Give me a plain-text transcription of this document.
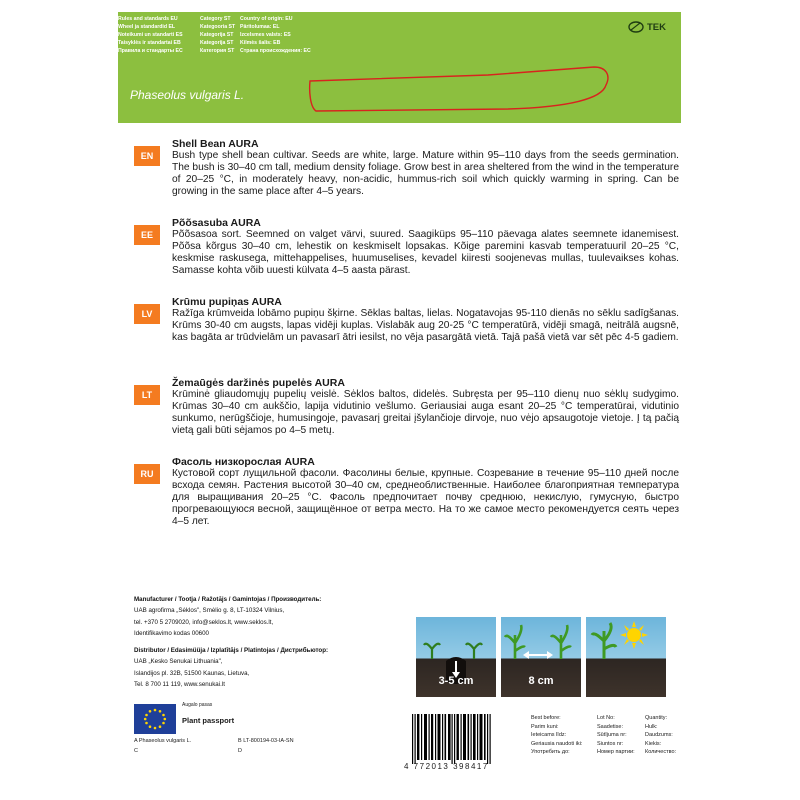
Rules and standards EU	Category ST Country of origin: EU
Wheel ja standardid EL	Kategooria ST Päritolumaa: EL
Noteikumi un standarti ES	Kategorija ST Izcelsmes valsts: ES
Taisyklės ir standartai EB	Kategorija ST Kilmės šalis: EB
Правила и стандарты ЕС	Категория ST Страна происхождения: ЕС
Phaseolus vulgaris L.
TEK
EN
Shell Bean AURA
Bush type shell bean cultivar. Seeds are white, large. Mature within 95–110 days from the seeds germination. The bush is 30–40 cm tall, medium density foliage. Grow best in area sheltered from the wind in the temperature of 20–25 °C, in moderately heavy, non-acidic, hummus-rich soil which quickly warming in spring. Can be growing in the same place after 4–5 years.
EE
Põõsasuba AURA
Põõsasoa sort. Seemned on valget värvi, suured. Saagiküps 95–110 päevaga alates seemnete idanemisest. Põõsa kõrgus 30–40 cm, lehestik on keskmiselt lopsakas. Kõige paremini kasvab temperatuuril 20–25 °C, keskmise raskusega, mittehappelises, huumuselises, kevadel kiiresti soojenevas mullas, tuulevaikses kohas. Samasse kohta võib uuesti külvata 4–5 aasta pärast.
LV
Krūmu pupiņas AURA
Ražīga krūmveida lobāmo pupiņu šķirne. Sēklas baltas, lielas. Nogatavojas 95-110 dienās no sēklu sadīgšanas. Krūms 30-40 cm augsts, lapas vidēji kuplas. Vislabāk aug 20-25 °C temperatūrā, vidēji smagā, neitrālā augsnē, kas bagāta ar trūdvielām un pavasarī ātri iesilst, no vēja pasargātā vietā. Tajā pašā vietā var sēt pēc 4-5 gadiem.
LT
Žemaūgės daržinės pupelės AURA
Krūminė gliaudomųjų pupelių veislė. Sėklos baltos, didelės. Subręsta per 95–110 dienų nuo sėklų sudygimo. Krūmas 30–40 cm aukščio, lapija vidutinio vešlumo. Geriausiai auga esant 20–25 °C temperatūrai, vidutinio sunkumo, nerūgščioje, humusingoje, pavasarį greitai įšylančioje dirvoje, nuo vėjo apsaugotoje vietoje. Į tą pačią vietą gali būti sėjamos po 4–5 metų.
RU
Фасоль низкорослая AURA
Кустовой сорт лущильной фасоли. Фасолины белые, крупные. Созревание в течение 95–110 дней после всхода семян. Растения высотой 30–40 см, среднеоблиственные. Наиболее благоприятная температура для выращивания 20–25 °С. Фасоль предпочитает почву среднюю, некислую, гумусную, быстро прогревающуюся весной, защищённое от ветра место. На то же самое место рекомендуется сеять через 4–5 лет.
Manufacturer / Tootja / Ražotājs / Gamintojas / Производитель:
UAB agrofirma „Sėklos", Smėlio g. 8, LT-10324 Vilnius,
tel. +370 5 2709020, info@seklos.lt, www.seklos.lt,
Identifikavimo kodas 00600
Distributor / Edasimüüja / Izplatītājs / Platintojas / Дистрибьютор:
UAB „Kesko Senukai Lithuania",
Islandijos pl. 32B, 51500 Kaunas, Lietuva,
Tel. 8 700 11 119, www.senukai.lt
Augalo pasas
Plant passport
A Phaseolus vulgaris L.	B LT-800194-03-IA-SN
C	D
3-5 cm	8 cm
4 772013 398417
Best before:	Lot No:	Quantity:
Parim kuni:	Saadetise:	Hulk:
Ieteicams līdz:	Sūtījuma nr:	Daudzums:
Geriausia naudoti iki:	Siuntos nr:	Kiekis:
Употребить до:	Номер партии: Количество:
